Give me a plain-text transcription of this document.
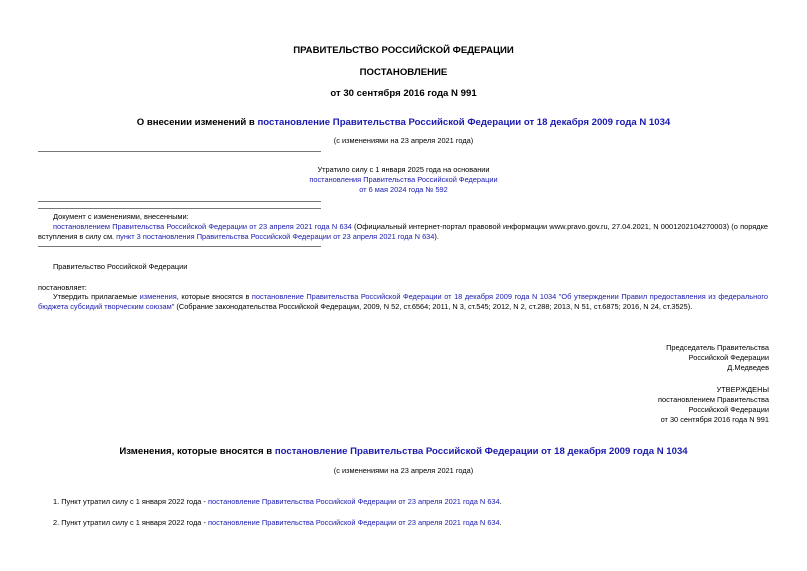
ПРАВИТЕЛЬСТВО РОССИЙСКОЙ ФЕДЕРАЦИИ
ПОСТАНОВЛЕНИЕ
от 30 сентября 2016 года N 991
О внесении изменений в постановление Правительства Российской Федерации от 18 декабря 2009 года N 1034
(с изменениями на 23 апреля 2021 года)
Утратило силу с 1 января 2025 года на основании
постановления Правительства Российской Федерации
от 6 мая 2024 года № 592
Документ с изменениями, внесенными:
постановлением Правительства Российской Федерации от 23 апреля 2021 года N 634 (Официальный интернет-портал правовой информации www.pravo.gov.ru, 27.04.2021, N 0001202104270003) (о порядке вступления в силу см. пункт 3 постановления Правительства Российской Федерации от 23 апреля 2021 года N 634).
Правительство Российской Федерации
постановляет:
Утвердить прилагаемые изменения, которые вносятся в постановление Правительства Российской Федерации от 18 декабря 2009 года N 1034 "Об утверждении Правил предоставления из федерального бюджета субсидий творческим союзам" (Собрание законодательства Российской Федерации, 2009, N 52, ст.6564; 2011, N 3, ст.545; 2012, N 2, ст.288; 2013, N 51, ст.6875; 2016, N 24, ст.3525).
Председатель Правительства
Российской Федерации
Д.Медведев
УТВЕРЖДЕНЫ
постановлением Правительства
Российской Федерации
от 30 сентября 2016 года N 991
Изменения, которые вносятся в постановление Правительства Российской Федерации от 18 декабря 2009 года N 1034
(с изменениями на 23 апреля 2021 года)
1. Пункт утратил силу с 1 января 2022 года - постановление Правительства Российской Федерации от 23 апреля 2021 года N 634.
2. Пункт утратил силу с 1 января 2022 года - постановление Правительства Российской Федерации от 23 апреля 2021 года N 634.
